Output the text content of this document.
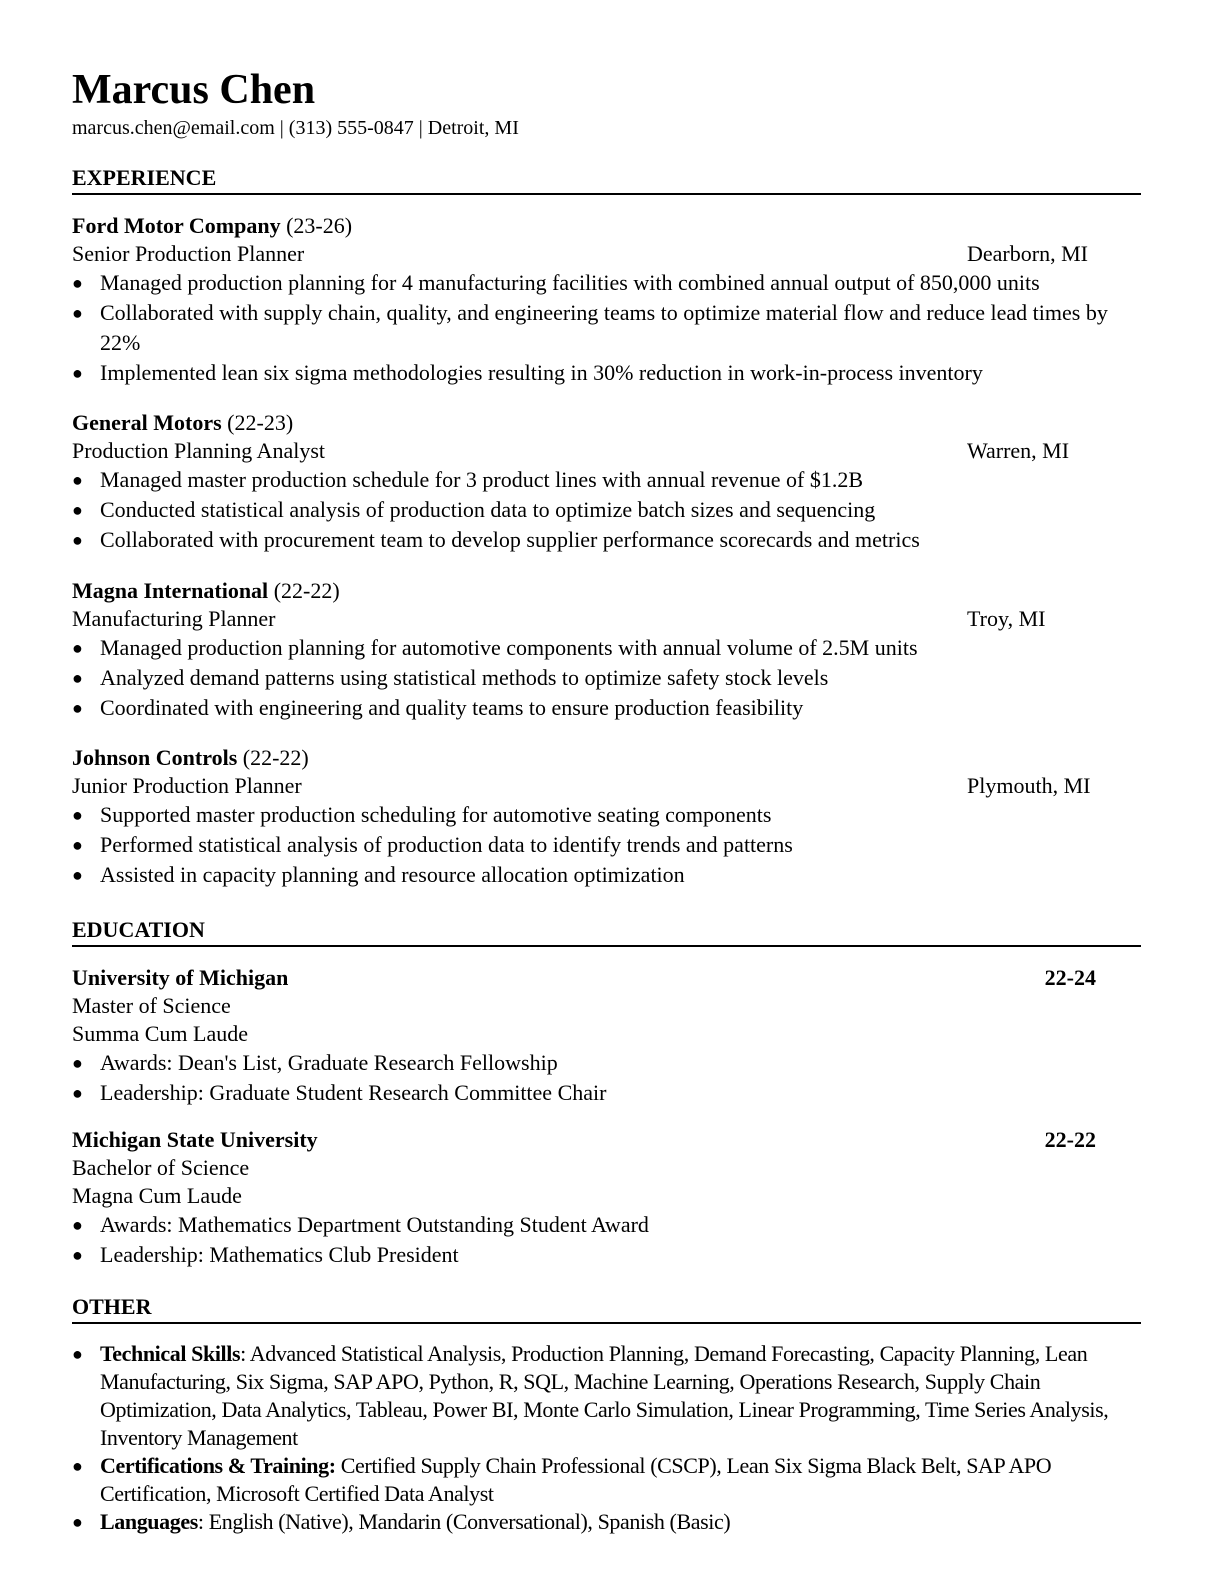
Marcus Chen
marcus.chen@email.com | (313) 555-0847 | Detroit, MI
EXPERIENCE
Ford Motor Company (23-26)
Senior Production Planner	Dearborn, MI
● Managed production planning for 4 manufacturing facilities with combined annual output of 850,000 units
● Collaborated with supply chain, quality, and engineering teams to optimize material flow and reduce lead times by 22%
● Implemented lean six sigma methodologies resulting in 30% reduction in work-in-process inventory
General Motors (22-23)
Production Planning Analyst	Warren, MI
● Managed master production schedule for 3 product lines with annual revenue of $1.2B
● Conducted statistical analysis of production data to optimize batch sizes and sequencing
● Collaborated with procurement team to develop supplier performance scorecards and metrics
Magna International (22-22)
Manufacturing Planner	Troy, MI
● Managed production planning for automotive components with annual volume of 2.5M units
● Analyzed demand patterns using statistical methods to optimize safety stock levels
● Coordinated with engineering and quality teams to ensure production feasibility
Johnson Controls (22-22)
Junior Production Planner	Plymouth, MI
● Supported master production scheduling for automotive seating components
● Performed statistical analysis of production data to identify trends and patterns
● Assisted in capacity planning and resource allocation optimization
EDUCATION
University of Michigan	22-24
Master of Science
Summa Cum Laude
● Awards: Dean's List, Graduate Research Fellowship
● Leadership: Graduate Student Research Committee Chair
Michigan State University	22-22
Bachelor of Science
Magna Cum Laude
● Awards: Mathematics Department Outstanding Student Award
● Leadership: Mathematics Club President
OTHER
● Technical Skills: Advanced Statistical Analysis, Production Planning, Demand Forecasting, Capacity Planning, Lean Manufacturing, Six Sigma, SAP APO, Python, R, SQL, Machine Learning, Operations Research, Supply Chain Optimization, Data Analytics, Tableau, Power BI, Monte Carlo Simulation, Linear Programming, Time Series Analysis, Inventory Management
● Certifications & Training: Certified Supply Chain Professional (CSCP), Lean Six Sigma Black Belt, SAP APO Certification, Microsoft Certified Data Analyst
● Languages: English (Native), Mandarin (Conversational), Spanish (Basic)
